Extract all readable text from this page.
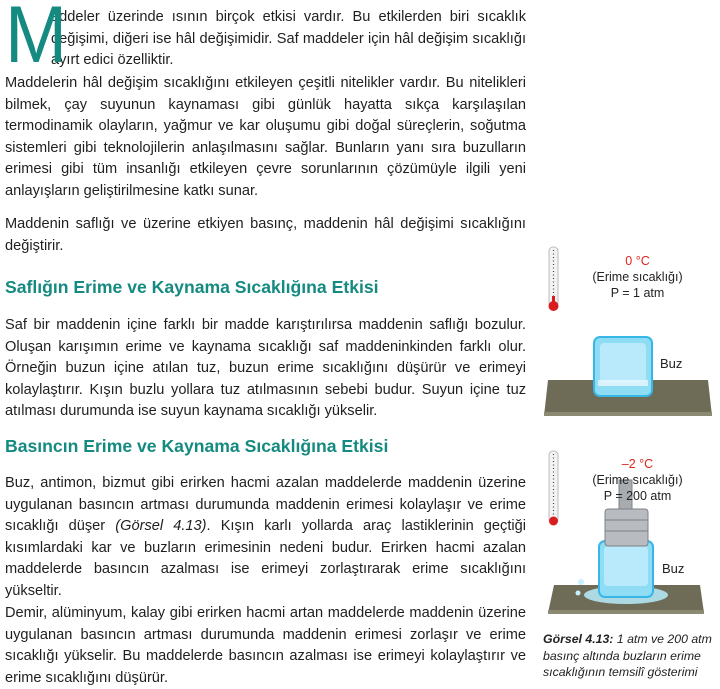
M

addeler üzerinde ısının birçok etkisi vardır. Bu etkilerden biri sıcaklık değişimi, diğeri ise hâl değişimidir. Saf maddeler için hâl değişim sıcaklığı ayırt edici özelliktir.

Maddelerin hâl değişim sıcaklığını etkileyen çeşitli nitelikler vardır. Bu nitelikleri bilmek, çay suyunun kaynaması gibi günlük hayatta sıkça karşılaşılan termodinamik olayların, yağmur ve kar oluşumu gibi doğal süreçlerin, soğutma sistemleri gibi teknolojilerin anlaşılmasını sağlar. Bunların yanı sıra buzulların erimesi gibi tüm insanlığı etkileyen çevre sorunlarının çözümüyle ilgili yeni anlayışların geliştirilmesine katkı sunar.

Maddenin saflığı ve üzerine etkiyen basınç, maddenin hâl değişimi sıcaklığını değiştirir.

Saflığın Erime ve Kaynama Sıcaklığına Etkisi

Saf bir maddenin içine farklı bir madde karıştırılırsa maddenin saflığı bozulur. Oluşan karışımın erime ve kaynama sıcaklığı saf maddeninkinden farklı olur. Örneğin buzun içine atılan tuz, buzun erime sıcaklığını düşürür ve erimeyi kolaylaştırır. Kışın buzlu yollara tuz atılmasının sebebi budur. Suyun içine tuz atılması durumunda ise suyun kaynama sıcaklığı yükselir.

Basıncın Erime ve Kaynama Sıcaklığına Etkisi

Buz, antimon, bizmut gibi erirken hacmi azalan maddelerde maddenin üzerine uygulanan basıncın artması durumunda maddenin erimesi kolaylaşır ve erime sıcaklığı düşer (Görsel 4.13). Kışın karlı yollarda araç lastiklerinin geçtiği kısımlardaki kar ve buzların erimesinin nedeni budur. Erirken hacmi azalan maddelerde basıncın azalması ise erimeyi zorlaştırarak erime sıcaklığını yükseltir.

Demir, alüminyum, kalay gibi erirken hacmi artan maddelerde maddenin üzerine uygulanan basıncın artması durumunda maddenin erimesi zorlaşır ve erime sıcaklığı yükselir. Bu maddelerde basıncın azalması ise erimeyi kolaylaştırır ve erime sıcaklığını düşürür.

0 °C
(Erime sıcaklığı)
P = 1 atm
Buz
–2 °C
(Erime sıcaklığı)
P = 200 atm
Buz
Görsel 4.13: 1 atm ve 200 atm basınç altında buzların erime sıcaklığının temsilî gösterimi
